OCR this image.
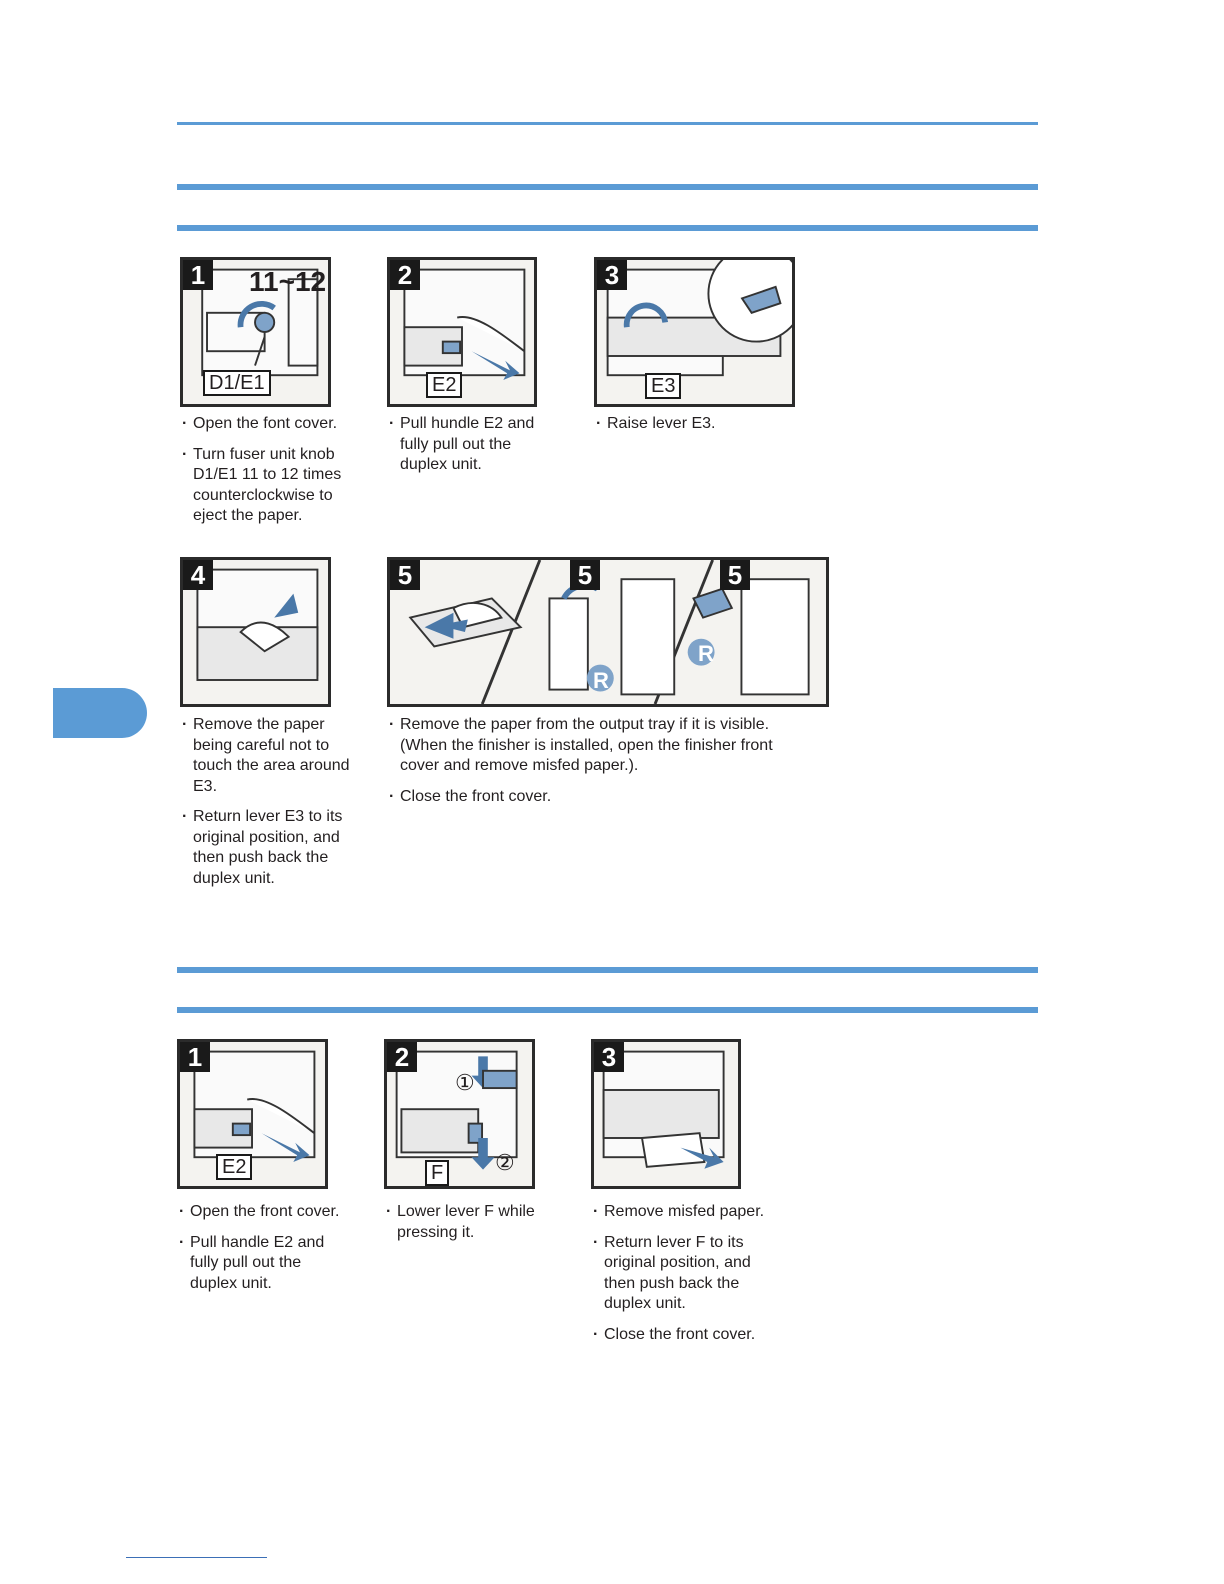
1 11~12
D1/E1

· Open the font cover.

· Turn fuser unit knob D1/E1 11 to 12 times counterclockwise to eject the paper.

2
E2

· Pull hundle E2 and fully pull out the duplex unit.

3
E3

· Raise lever E3.

4

· Remove the paper being careful not to touch the area around E3.

· Return lever E3 to its original position, and then push back the duplex unit.

5	5	5
R
R

· Remove the paper from the output tray if it is visible. (When the finisher is installed, open the finisher front cover and remove misfed paper.).

· Close the front cover.

1
E2

· Open the front cover.

· Pull handle E2 and fully pull out the duplex unit.

2
F
①
②

· Lower lever F while pressing it.

3

· Remove misfed paper.

· Return lever F to its original position, and then push back the duplex unit.

· Close the front cover.
